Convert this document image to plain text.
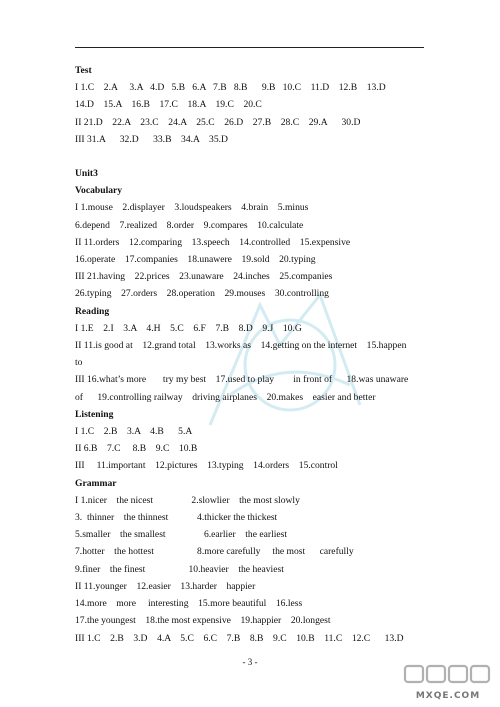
Test
I 1.C    2.A     3.A   4.D   5.B   6.A   7.B   8.B      9.B   10.C    11.D    12.B    13.D
14.D    15.A    16.B    17.C    18.A    19.C    20.C
II 21.D    22.A    23.C    24.A    25.C    26.D    27.B    28.C    29.A      30.D
III 31.A      32.D      33.B    34.A    35.D
Unit3
Vocabulary
I 1.mouse    2.displayer    3.loudspeakers    4.brain    5.minus
6.depend    7.realized    8.order    9.compares    10.calculate
II 11.orders    12.comparing    13.speech    14.controlled    15.expensive
16.operate    17.companies    18.unawere    19.sold    20.typing
III 21.having    22.prices    23.unaware    24.inches    25.companies
26.typing    27.orders    28.operation    29.mouses    30.controlling
Reading
I 1.E    2.I    3.A    4.H    5.C    6.F    7.B    8.D    9.J    10.G
II 11.is good at    12.grand total    13.works as    14.getting on the internet    15.happen
to
III 16.what’s more       try my best    17.used to play        in front of      18.was unaware
of      19.controlling railway    driving airplanes    20.makes    easier and better
Listening
I 1.C    2.B    3.A    4.B      5.A
II 6.B    7.C     8.B    9.C    10.B
III     11.important    12.pictures    13.typing    14.orders    15.control
Grammar
I 1.nicer    the nicest                2.slowlier    the most slowly
3.  thinner    the thinnest            4.thicker the thickest
5.smaller    the smallest                6.earlier    the earliest
7.hotter    the hottest                  8.more carefully     the most      carefully
9.finer    the finest                  10.heavier    the heaviest
II 11.younger    12.easier    13.harder    happier
14.more    more     interesting    15.more beautiful    16.less
17.the youngest    18.the most expensive    19.happier    20.longest
III 1.C    2.B    3.D    4.A    5.C    6.C    7.B    8.B    9.C    10.B    11.C    12.C      13.D
- 3 -
MXQE.COM
